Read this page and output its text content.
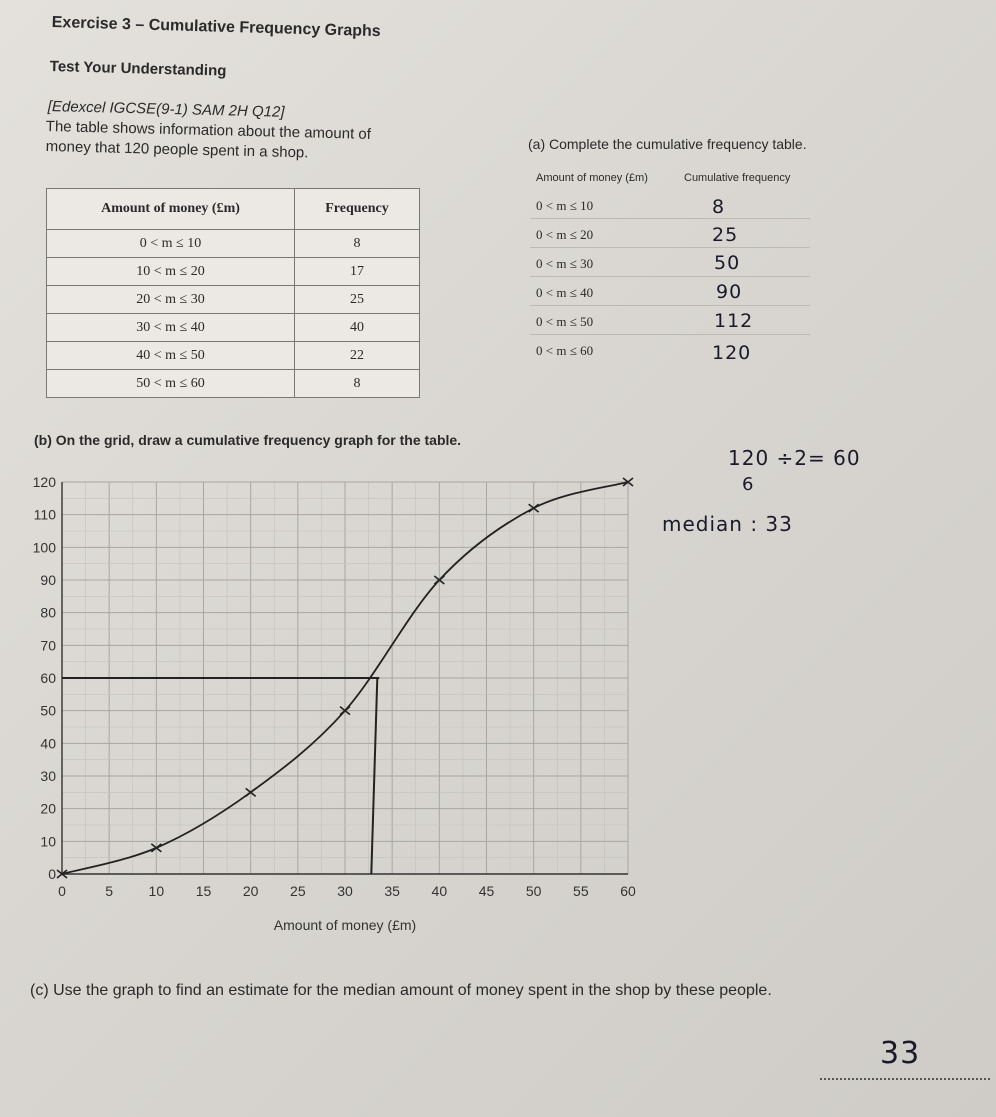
Exercise 3 – Cumulative Frequency Graphs
Test Your Understanding
[Edexcel IGCSE(9-1) SAM 2H Q12]
The table shows information about the amount of
money that 120 people spent in a shop.
Amount of money (£m)	Frequency
0 < m ≤ 10	8
10 < m ≤ 20	17
20 < m ≤ 30	25
30 < m ≤ 40	40
40 < m ≤ 50	22
50 < m ≤ 60	8
(a) Complete the cumulative frequency table.
Amount of money (£m)	Cumulative frequency
0 < m ≤ 10	8
0 < m ≤ 20	25
0 < m ≤ 30	50
0 < m ≤ 40	90
0 < m ≤ 50	112
0 < m ≤ 60	120
(b) On the grid, draw a cumulative frequency graph for the table.
120 ÷2= 60
6
median : 33
0	5	10 15 20 25 30 35 40 45 50 55 60
0
10
20
30
40
50
60
70
80
90
100
110
120
Amount of money (£m)
(c) Use the graph to find an estimate for the median amount of money spent in the shop by these people.
33
